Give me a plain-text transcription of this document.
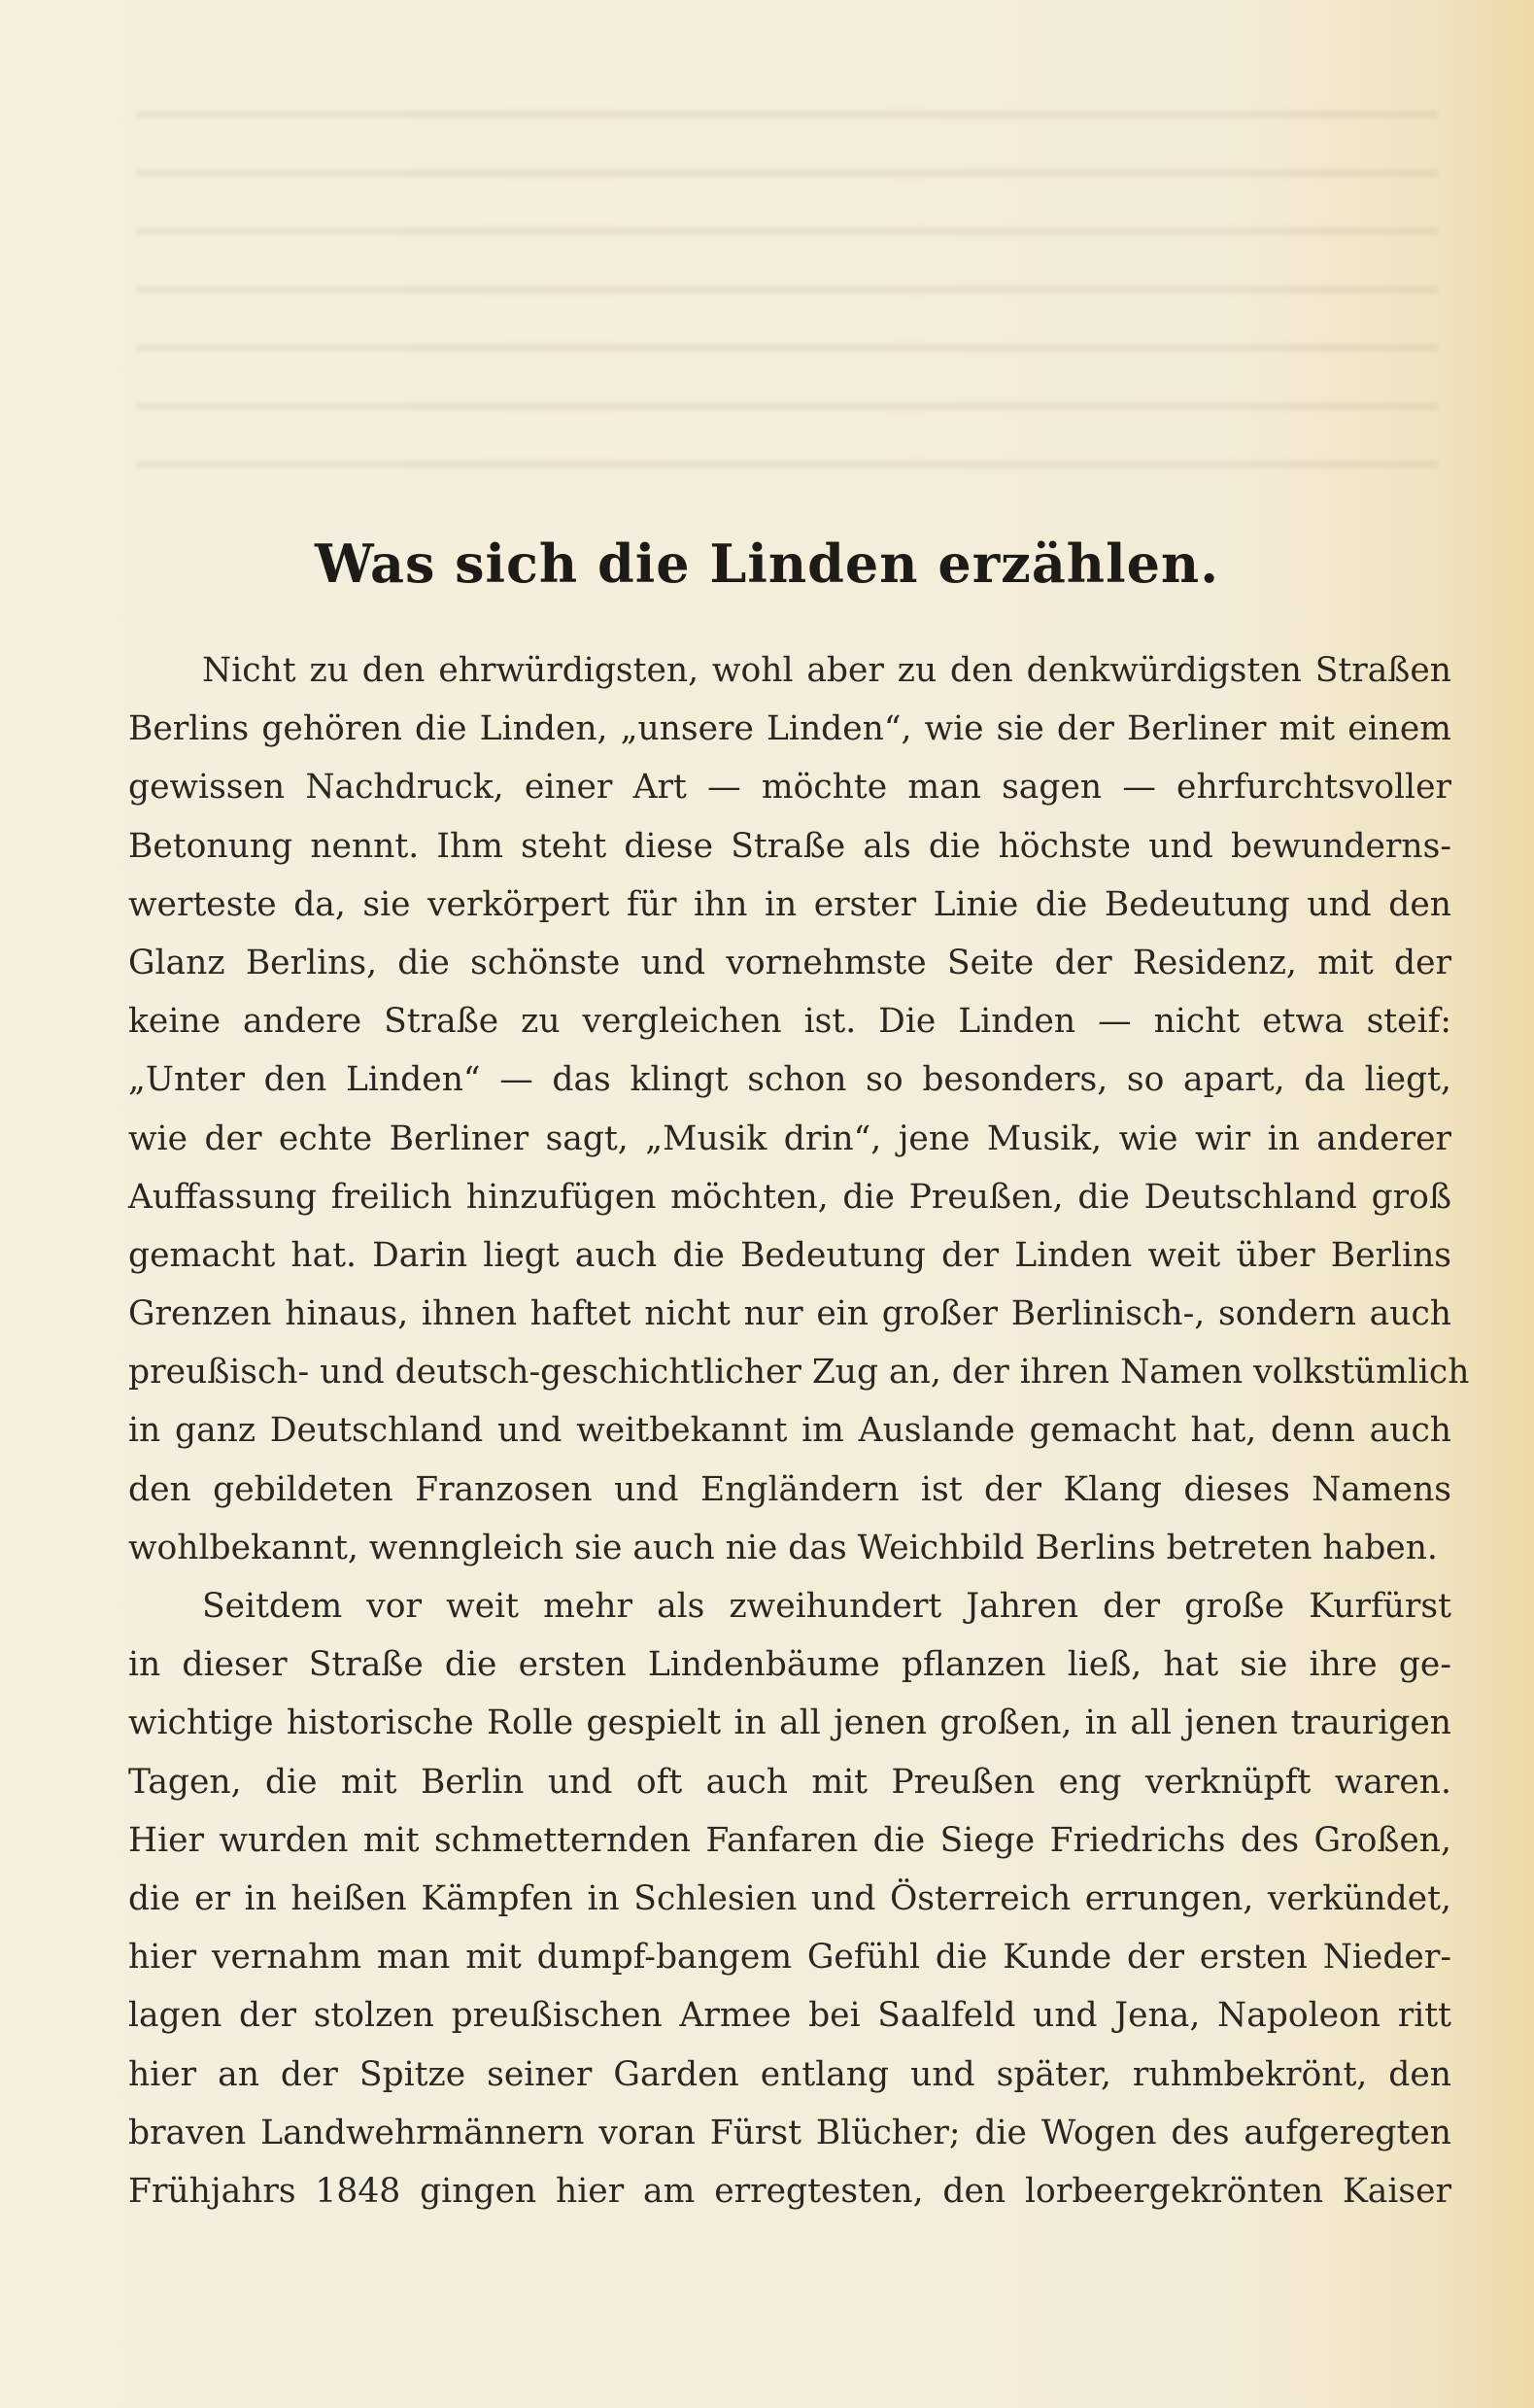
Was sich die Linden erzählen.
Nicht zu den ehrwürdigsten, wohl aber zu den denkwürdigsten Straßen
Berlins gehören die Linden, „unsere Linden“, wie sie der Berliner mit einem
gewissen Nachdruck, einer Art — möchte man sagen — ehrfurchtsvoller
Betonung nennt. Ihm steht diese Straße als die höchste und bewunderns-
werteste da, sie verkörpert für ihn in erster Linie die Bedeutung und den
Glanz Berlins, die schönste und vornehmste Seite der Residenz, mit der
keine andere Straße zu vergleichen ist. Die Linden — nicht etwa steif:
„Unter den Linden“ — das klingt schon so besonders, so apart, da liegt,
wie der echte Berliner sagt, „Musik drin“, jene Musik, wie wir in anderer
Auffassung freilich hinzufügen möchten, die Preußen, die Deutschland groß
gemacht hat. Darin liegt auch die Bedeutung der Linden weit über Berlins
Grenzen hinaus, ihnen haftet nicht nur ein großer Berlinisch-, sondern auch
preußisch- und deutsch-geschichtlicher Zug an, der ihren Namen volkstümlich
in ganz Deutschland und weitbekannt im Auslande gemacht hat, denn auch
den gebildeten Franzosen und Engländern ist der Klang dieses Namens
wohlbekannt, wenngleich sie auch nie das Weichbild Berlins betreten haben.
Seitdem vor weit mehr als zweihundert Jahren der große Kurfürst
in dieser Straße die ersten Lindenbäume pflanzen ließ, hat sie ihre ge-
wichtige historische Rolle gespielt in all jenen großen, in all jenen traurigen
Tagen, die mit Berlin und oft auch mit Preußen eng verknüpft waren.
Hier wurden mit schmetternden Fanfaren die Siege Friedrichs des Großen,
die er in heißen Kämpfen in Schlesien und Österreich errungen, verkündet,
hier vernahm man mit dumpf-bangem Gefühl die Kunde der ersten Nieder-
lagen der stolzen preußischen Armee bei Saalfeld und Jena, Napoleon ritt
hier an der Spitze seiner Garden entlang und später, ruhmbekrönt, den
braven Landwehrmännern voran Fürst Blücher; die Wogen des aufgeregten
Frühjahrs 1848 gingen hier am erregtesten, den lorbeergekrönten Kaiser
